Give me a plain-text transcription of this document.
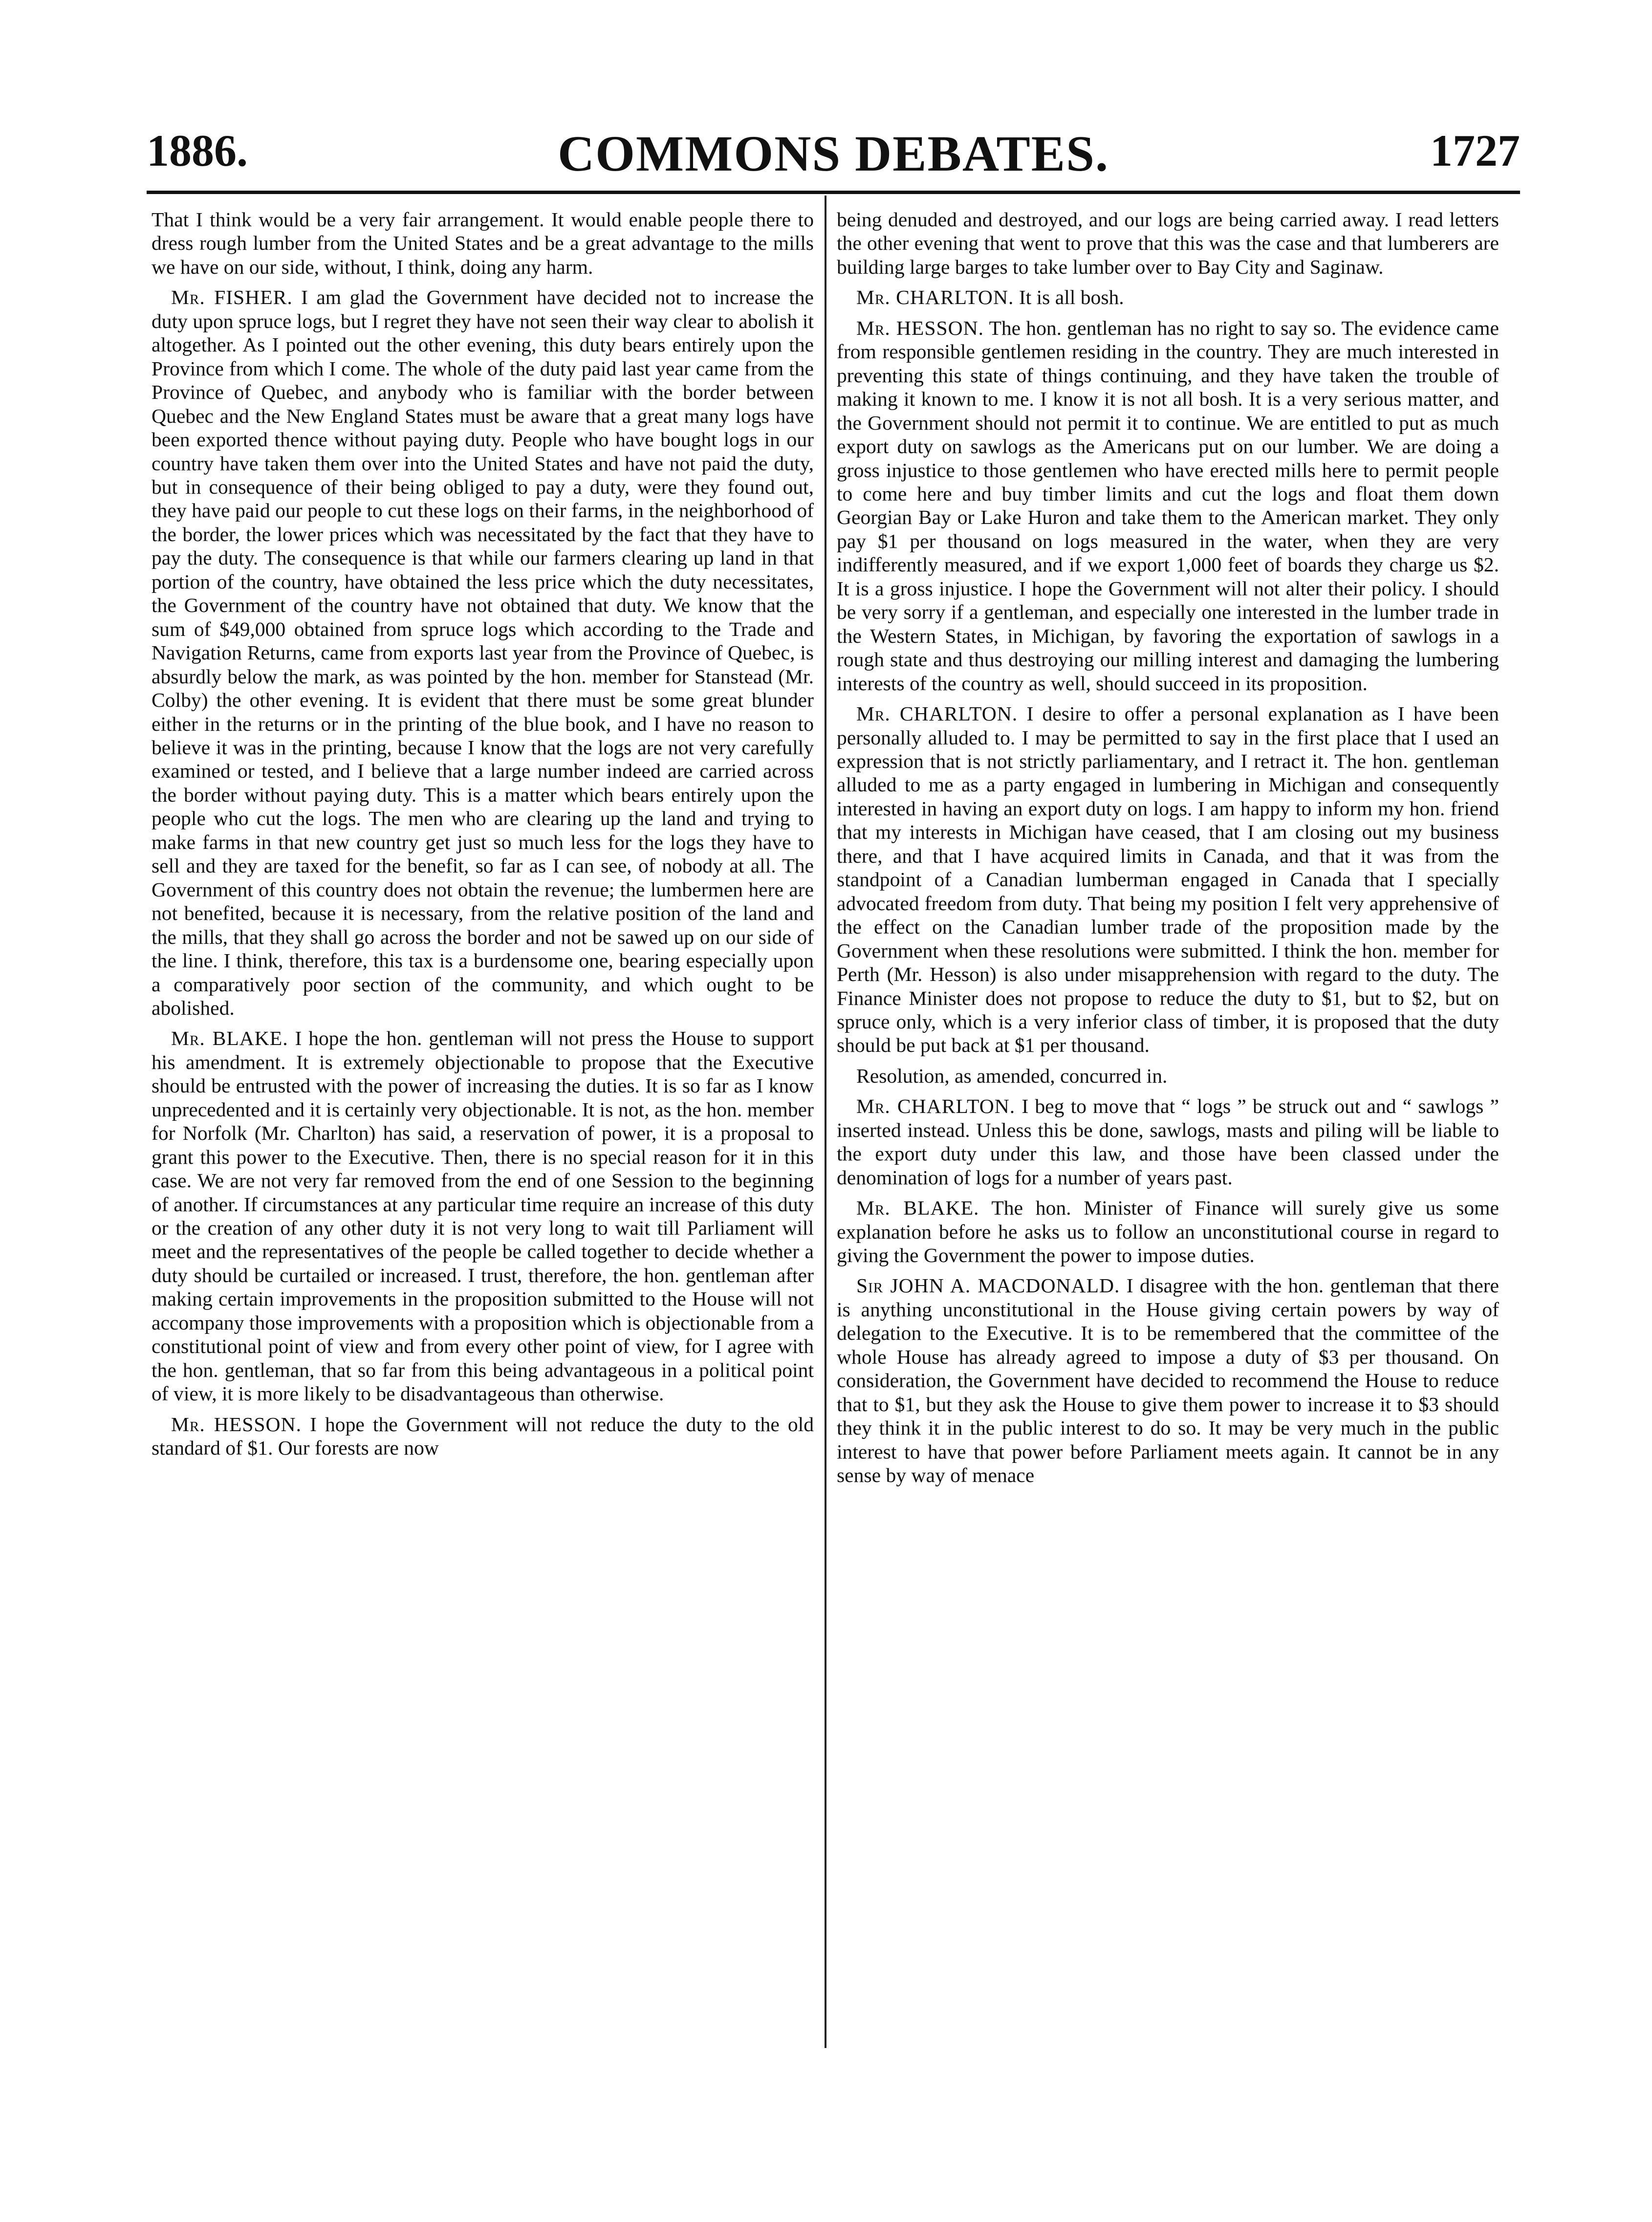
1886.	COMMONS DEBATES.	1727

That I think would be a very fair arrangement. It would enable people there to dress rough lumber from the United States and be a great advantage to the mills we have on our side, without, I think, doing any harm.

Mr. FISHER. I am glad the Government have decided not to increase the duty upon spruce logs, but I regret they have not seen their way clear to abolish it altogether. As I pointed out the other evening, this duty bears entirely upon the Province from which I come. The whole of the duty paid last year came from the Province of Quebec, and anybody who is familiar with the border between Quebec and the New England States must be aware that a great many logs have been exported thence without paying duty. People who have bought logs in our country have taken them over into the United States and have not paid the duty, but in consequence of their being obliged to pay a duty, were they found out, they have paid our people to cut these logs on their farms, in the neighborhood of the border, the lower prices which was necessitated by the fact that they have to pay the duty. The consequence is that while our farmers clearing up land in that portion of the country, have obtained the less price which the duty necessitates, the Government of the country have not obtained that duty. We know that the sum of $49,000 obtained from spruce logs which according to the Trade and Navigation Returns, came from exports last year from the Province of Quebec, is absurdly below the mark, as was pointed by the hon. member for Stanstead (Mr. Colby) the other evening. It is evident that there must be some great blunder either in the returns or in the printing of the blue book, and I have no reason to believe it was in the printing, because I know that the logs are not very carefully examined or tested, and I believe that a large number indeed are carried across the border without paying duty. This is a matter which bears entirely upon the people who cut the logs. The men who are clearing up the land and trying to make farms in that new country get just so much less for the logs they have to sell and they are taxed for the benefit, so far as I can see, of nobody at all. The Government of this country does not obtain the revenue; the lumbermen here are not benefited, because it is necessary, from the relative position of the land and the mills, that they shall go across the border and not be sawed up on our side of the line. I think, therefore, this tax is a burdensome one, bearing especially upon a comparatively poor section of the community, and which ought to be abolished.

Mr. BLAKE. I hope the hon. gentleman will not press the House to support his amendment. It is extremely objectionable to propose that the Executive should be entrusted with the power of increasing the duties. It is so far as I know unprecedented and it is certainly very objectionable. It is not, as the hon. member for Norfolk (Mr. Charlton) has said, a reservation of power, it is a proposal to grant this power to the Executive. Then, there is no special reason for it in this case. We are not very far removed from the end of one Session to the beginning of another. If circumstances at any particular time require an increase of this duty or the creation of any other duty it is not very long to wait till Parliament will meet and the representatives of the people be called together to decide whether a duty should be curtailed or increased. I trust, therefore, the hon. gentleman after making certain improvements in the proposition submitted to the House will not accompany those improvements with a proposition which is objectionable from a constitutional point of view and from every other point of view, for I agree with the hon. gentleman, that so far from this being advantageous in a political point of view, it is more likely to be disadvantageous than otherwise.

Mr. HESSON. I hope the Government will not reduce the duty to the old standard of $1. Our forests are now

being denuded and destroyed, and our logs are being carried away. I read letters the other evening that went to prove that this was the case and that lumberers are building large barges to take lumber over to Bay City and Saginaw.

Mr. CHARLTON. It is all bosh.

Mr. HESSON. The hon. gentleman has no right to say so. The evidence came from responsible gentlemen residing in the country. They are much interested in preventing this state of things continuing, and they have taken the trouble of making it known to me. I know it is not all bosh. It is a very serious matter, and the Government should not permit it to continue. We are entitled to put as much export duty on sawlogs as the Americans put on our lumber. We are doing a gross injustice to those gentlemen who have erected mills here to permit people to come here and buy timber limits and cut the logs and float them down Georgian Bay or Lake Huron and take them to the American market. They only pay $1 per thousand on logs measured in the water, when they are very indifferently measured, and if we export 1,000 feet of boards they charge us $2. It is a gross injustice. I hope the Government will not alter their policy. I should be very sorry if a gentleman, and especially one interested in the lumber trade in the Western States, in Michigan, by favoring the exportation of sawlogs in a rough state and thus destroying our milling interest and damaging the lumbering interests of the country as well, should succeed in its proposition.

Mr. CHARLTON. I desire to offer a personal explanation as I have been personally alluded to. I may be permitted to say in the first place that I used an expression that is not strictly parliamentary, and I retract it. The hon. gentleman alluded to me as a party engaged in lumbering in Michigan and consequently interested in having an export duty on logs. I am happy to inform my hon. friend that my interests in Michigan have ceased, that I am closing out my business there, and that I have acquired limits in Canada, and that it was from the standpoint of a Canadian lumberman engaged in Canada that I specially advocated freedom from duty. That being my position I felt very apprehensive of the effect on the Canadian lumber trade of the proposition made by the Government when these resolutions were submitted. I think the hon. member for Perth (Mr. Hesson) is also under misapprehension with regard to the duty. The Finance Minister does not propose to reduce the duty to $1, but to $2, but on spruce only, which is a very inferior class of timber, it is proposed that the duty should be put back at $1 per thousand.

Resolution, as amended, concurred in.

Mr. CHARLTON. I beg to move that “ logs ” be struck out and “ sawlogs ” inserted instead. Unless this be done, sawlogs, masts and piling will be liable to the export duty under this law, and those have been classed under the denomination of logs for a number of years past.

Mr. BLAKE. The hon. Minister of Finance will surely give us some explanation before he asks us to follow an unconstitutional course in regard to giving the Government the power to impose duties.

Sir JOHN A. MACDONALD. I disagree with the hon. gentleman that there is anything unconstitutional in the House giving certain powers by way of delegation to the Executive. It is to be remembered that the committee of the whole House has already agreed to impose a duty of $3 per thousand. On consideration, the Government have decided to recommend the House to reduce that to $1, but they ask the House to give them power to increase it to $3 should they think it in the public interest to do so. It may be very much in the public interest to have that power before Parliament meets again. It cannot be in any sense by way of menace
